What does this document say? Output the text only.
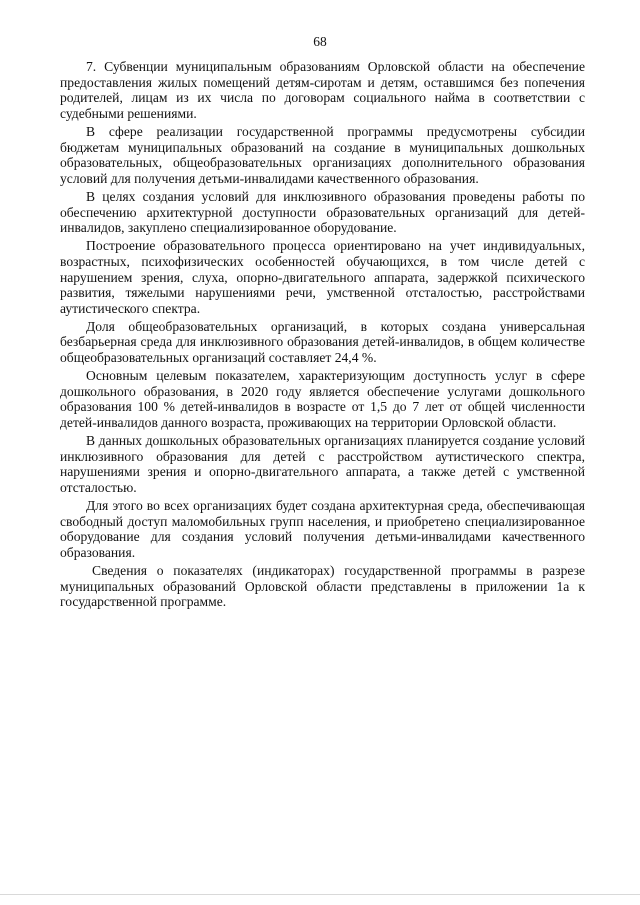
68

7. Субвенции муниципальным образованиям Орловской области на обеспечение предоставления жилых помещений детям-сиротам и детям, оставшимся без попечения родителей, лицам из их числа по договорам социального найма в соответствии с судебными решениями.

В сфере реализации государственной программы предусмотрены субсидии бюджетам муниципальных образований на создание в муниципальных дошкольных образовательных, общеобразовательных организациях дополнительного образования условий для получения детьми-инвалидами качественного образования.

В целях создания условий для инклюзивного образования проведены работы по обеспечению архитектурной доступности образовательных организаций для детей-инвалидов, закуплено специализированное оборудование.

Построение образовательного процесса ориентировано на учет индивидуальных, возрастных, психофизических особенностей обучающихся, в том числе детей с нарушением зрения, слуха, опорно-двигательного аппарата, задержкой психического развития, тяжелыми нарушениями речи, умственной отсталостью, расстройствами аутистического спектра.

Доля общеобразовательных организаций, в которых создана универсальная безбарьерная среда для инклюзивного образования детей-инвалидов, в общем количестве общеобразовательных организаций составляет 24,4 %.

Основным целевым показателем, характеризующим доступность услуг в сфере дошкольного образования, в 2020 году является обеспечение услугами дошкольного образования 100 % детей-инвалидов в возрасте от 1,5 до 7 лет от общей численности детей-инвалидов данного возраста, проживающих на территории Орловской области.

В данных дошкольных образовательных организациях планируется создание условий инклюзивного образования для детей с расстройством аутистического спектра, нарушениями зрения и опорно-двигательного аппарата, а также детей с умственной отсталостью.

Для этого во всех организациях будет создана архитектурная среда, обеспечивающая свободный доступ маломобильных групп населения, и приобретено специализированное оборудование для создания условий получения детьми-инвалидами качественного образования.

Сведения о показателях (индикаторах) государственной программы в разрезе муниципальных образований Орловской области представлены в приложении 1а к государственной программе.
